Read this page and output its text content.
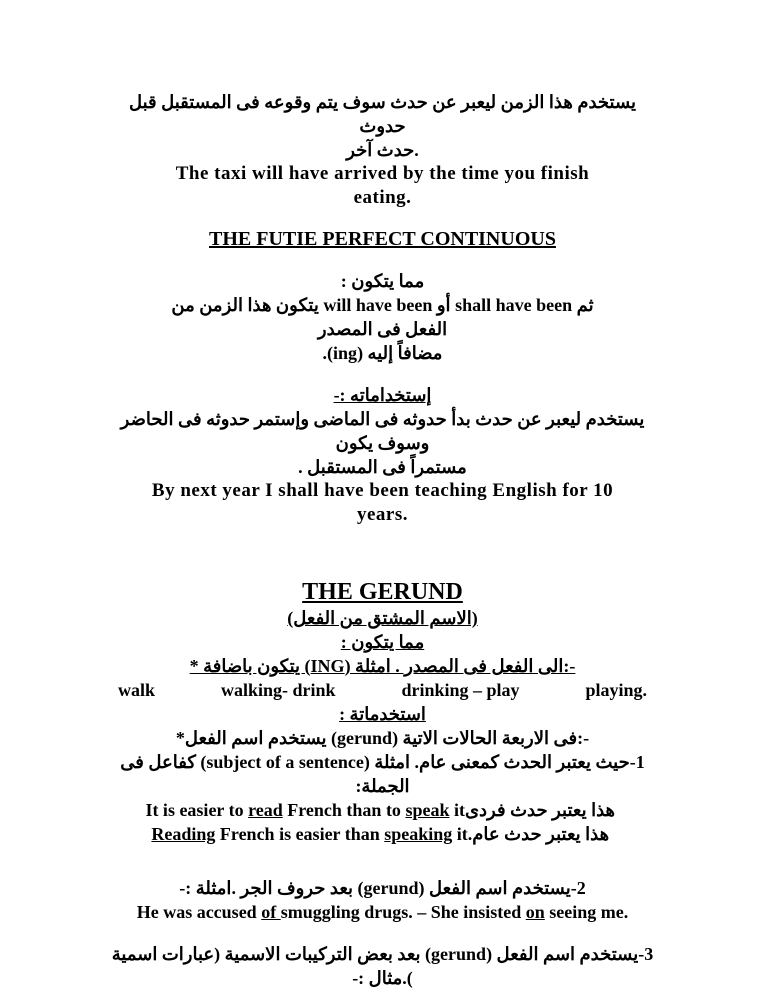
يستخدم هذا الزمن ليعبر عن حدث سوف يتم وقوعه فى المستقبل قبل حدوث

.حدث آخر

The taxi will have arrived by the time you finish

eating.

THE FUTIE PERFECT CONTINUOUS

مما يتكون :

ثم shall have been أو will have been يتكون هذا الزمن من

الفعل فى المصدر

مضافاً إليه (ing).

إستخداماته :-

يستخدم ليعبر عن حدث بدأ حدوثه فى الماضى وإستمر حدوثه فى الحاضر

وسوف يكون

مستمراً فى المستقبل .

By next year I shall have been teaching English for 10

years.

THE GERUND

(الاسم المشتق من الفعل)

مما يتكون :

-:الى الفعل فى المصدر . امثلة (ING) يتكون باضافة *

walk	walking- drink	drinking – play	playing.

استخدماتة :

-:فى الاربعة الحالات الاتية (gerund) يستخدم اسم الفعل*

1-حيث يعتبر الحدث كمعنى عام. امثلة (subject of a sentence) كفاعل فى الجملة:

It is easier to read French than to speak it هذا يعتبر حدث فردى

Reading French is easier than speaking it. هذا يعتبر حدث عام

2-يستخدم اسم الفعل (gerund) بعد حروف الجر .امثلة :-

He was accused of smuggling drugs. – She insisted on seeing me.

3-يستخدم اسم الفعل (gerund) بعد بعض التركيبات الاسمية (عبارات اسمية ).مثال :-
